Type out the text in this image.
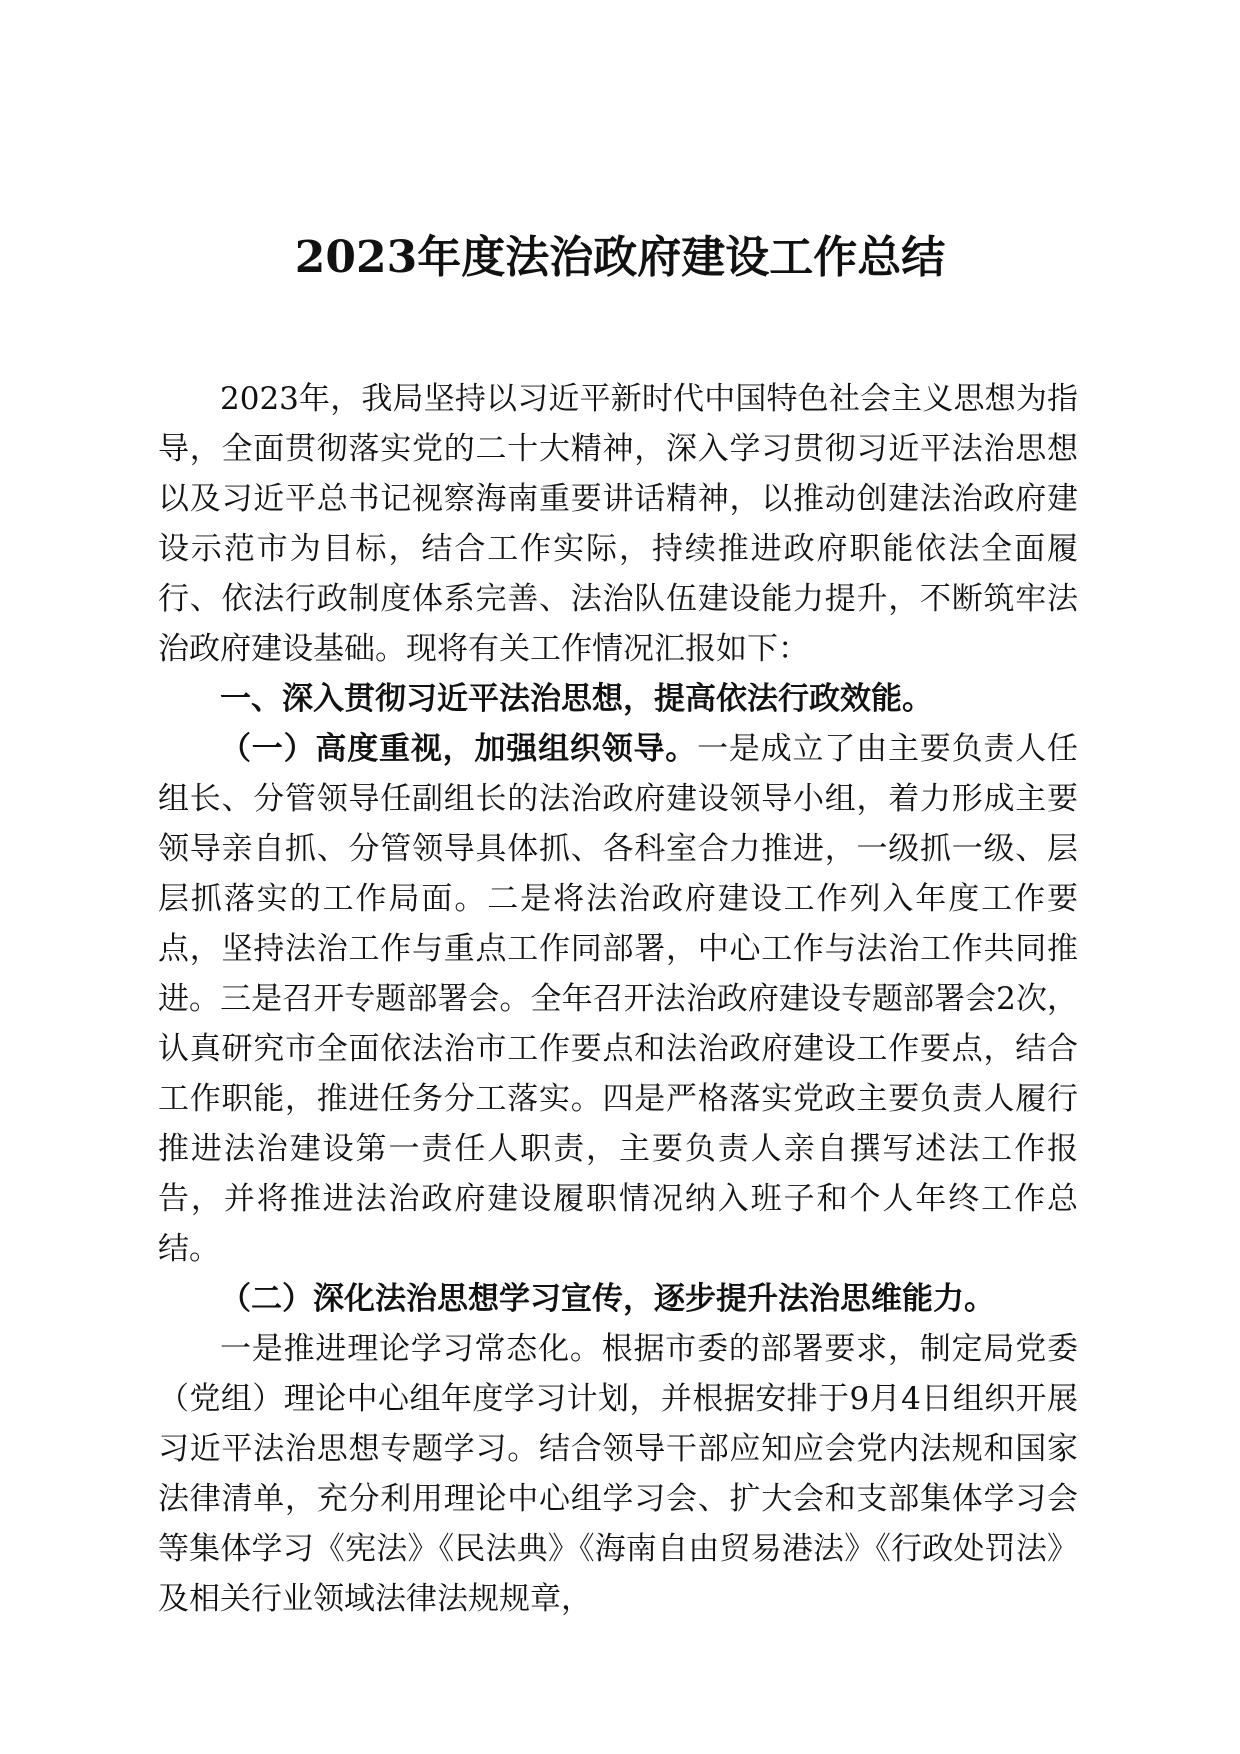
2023年度法治政府建设工作总结

2023年，我局坚持以习近平新时代中国特色社会主义思想为指导，全面贯彻落实党的二十大精神，深入学习贯彻习近平法治思想以及习近平总书记视察海南重要讲话精神，以推动创建法治政府建设示范市为目标，结合工作实际，持续推进政府职能依法全面履行、依法行政制度体系完善、法治队伍建设能力提升，不断筑牢法治政府建设基础。现将有关工作情况汇报如下：

一、深入贯彻习近平法治思想，提高依法行政效能。

（一）高度重视，加强组织领导。一是成立了由主要负责人任组长、分管领导任副组长的法治政府建设领导小组，着力形成主要领导亲自抓、分管领导具体抓、各科室合力推进，一级抓一级、层层抓落实的工作局面。二是将法治政府建设工作列入年度工作要点，坚持法治工作与重点工作同部署，中心工作与法治工作共同推进。三是召开专题部署会。全年召开法治政府建设专题部署会2次，认真研究市全面依法治市工作要点和法治政府建设工作要点，结合工作职能，推进任务分工落实。四是严格落实党政主要负责人履行推进法治建设第一责任人职责，主要负责人亲自撰写述法工作报告，并将推进法治政府建设履职情况纳入班子和个人年终工作总结。

（二）深化法治思想学习宣传，逐步提升法治思维能力。

一是推进理论学习常态化。根据市委的部署要求，制定局党委（党组）理论中心组年度学习计划，并根据安排于9月4日组织开展习近平法治思想专题学习。结合领导干部应知应会党内法规和国家法律清单，充分利用理论中心组学习会、扩大会和支部集体学习会等集体学习《宪法》《民法典》《海南自由贸易港法》《行政处罚法》及相关行业领域法律法规规章，
